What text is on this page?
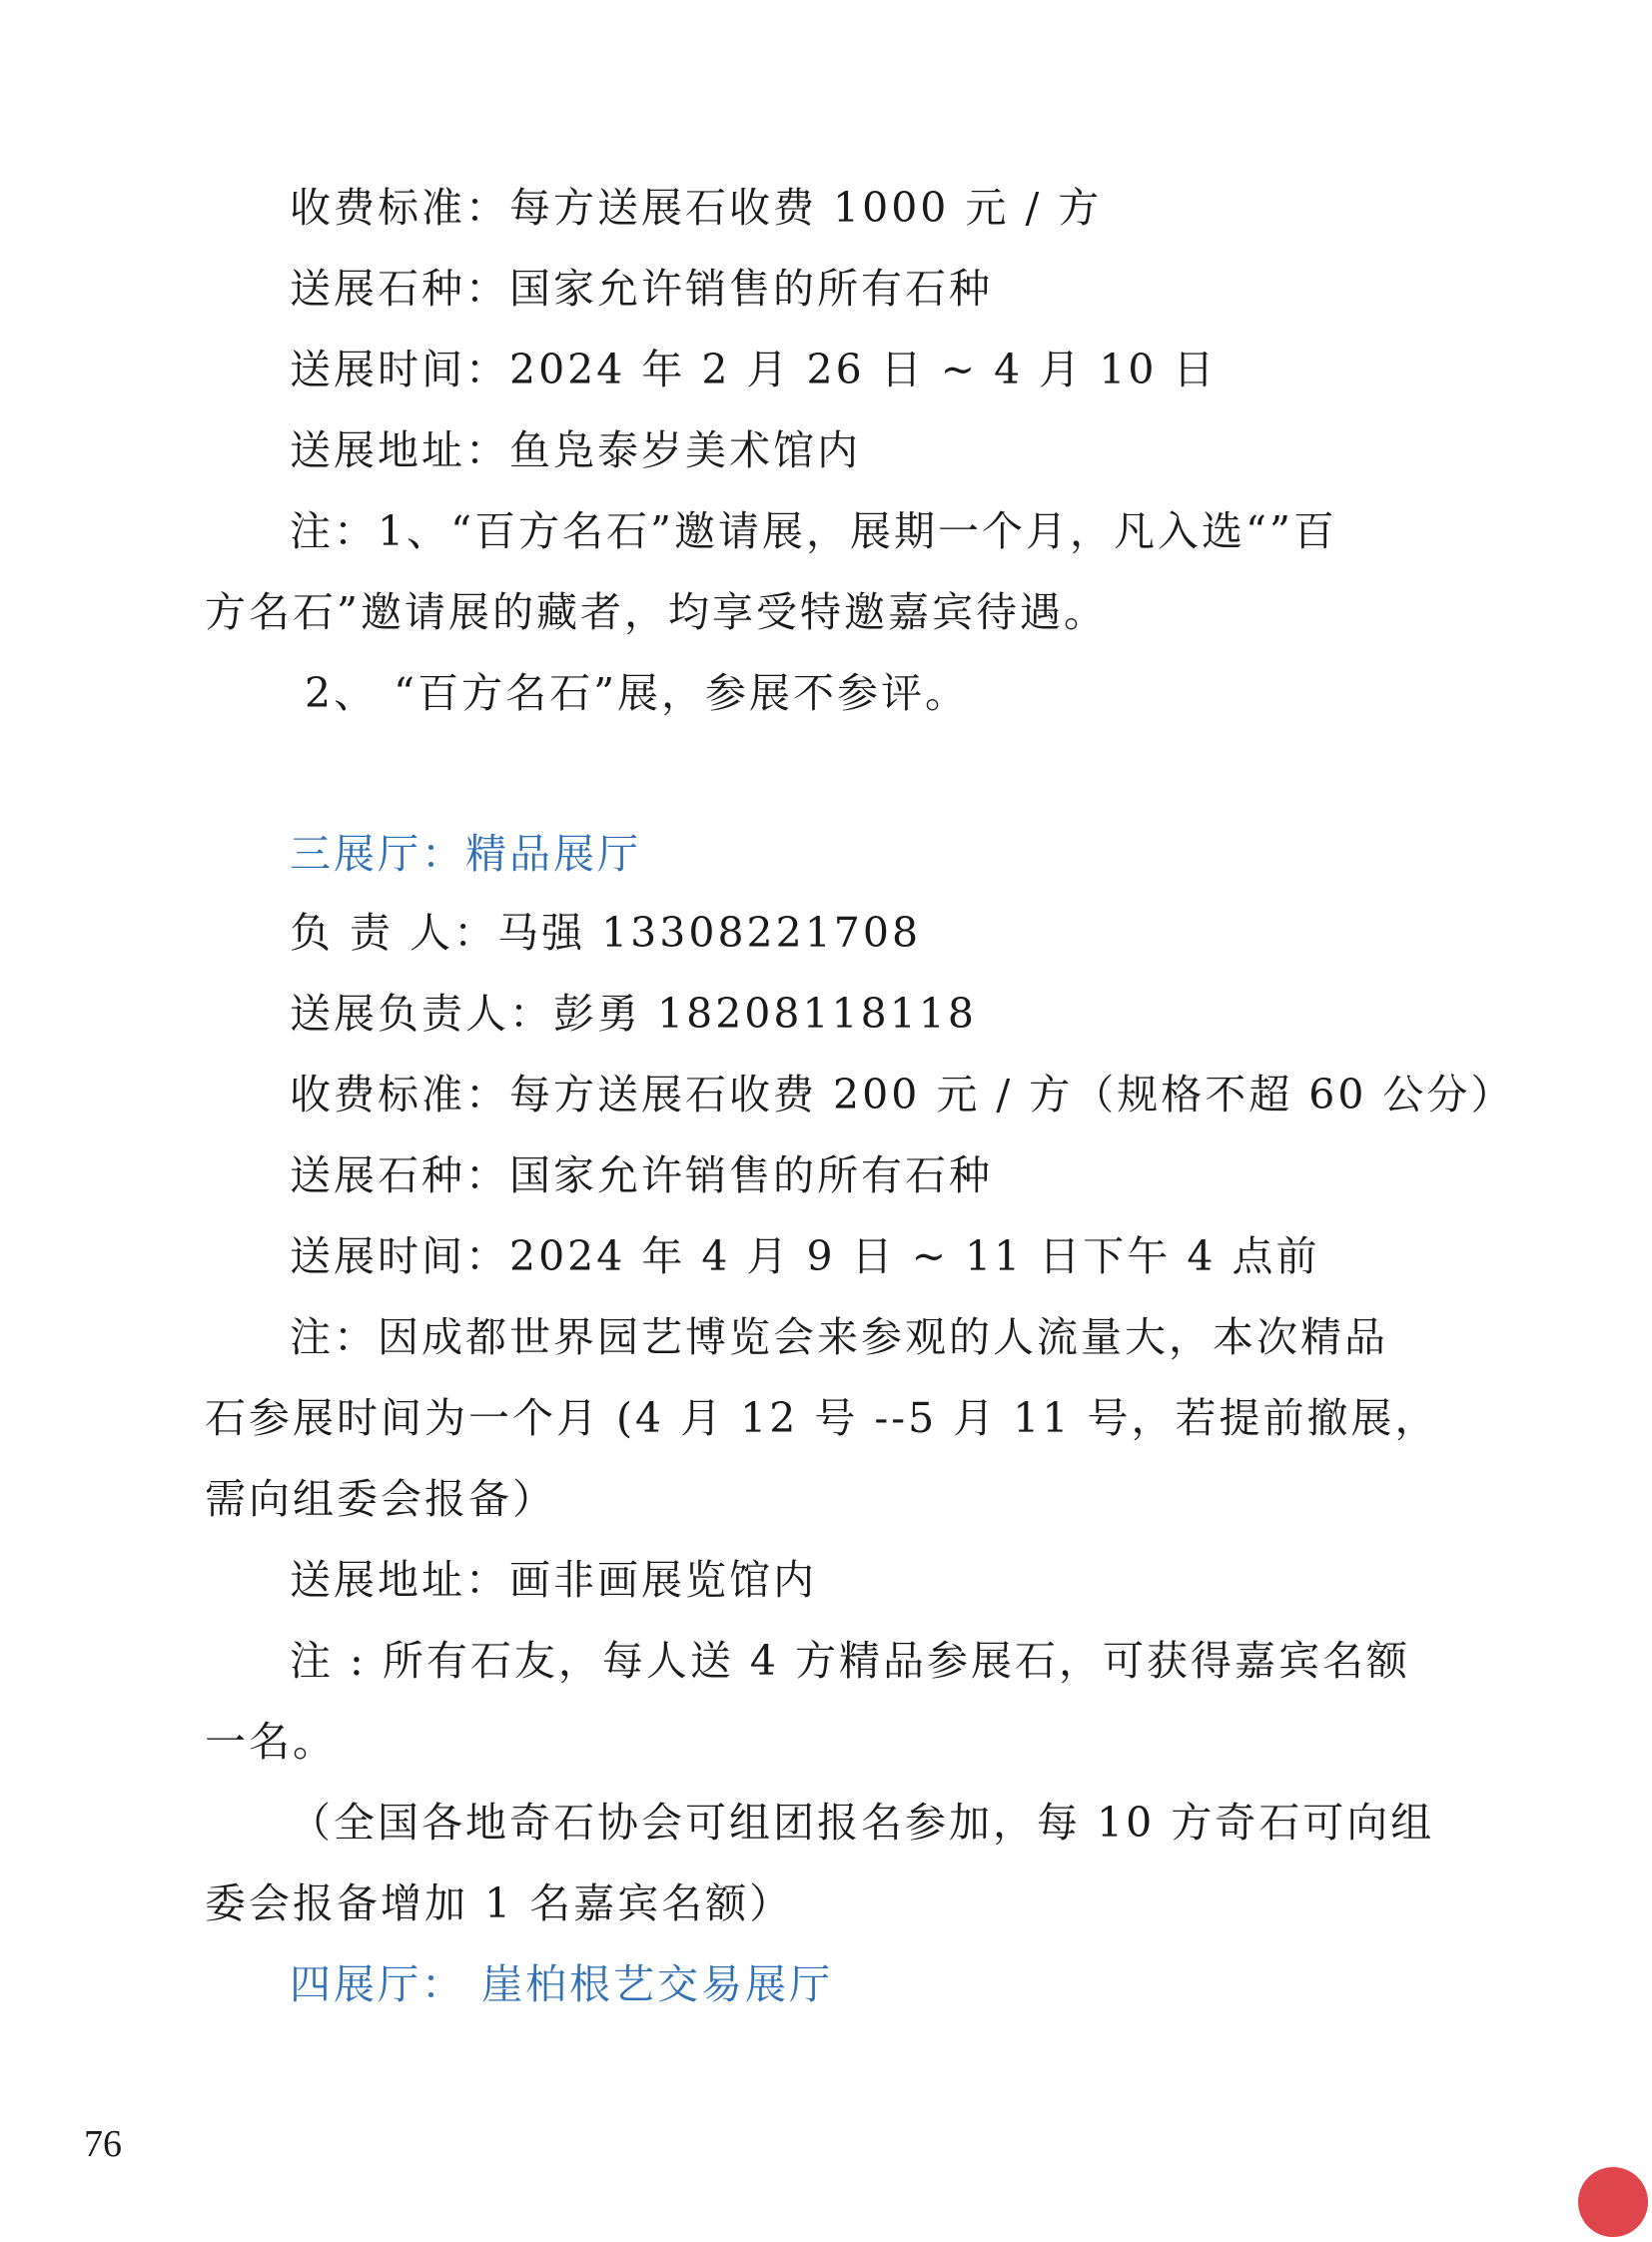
收费标准：每方送展石收费 1000 元 / 方
送展石种：国家允许销售的所有石种
送展时间：2024 年 2 月 26 日 ~ 4 月 10 日
送展地址：鱼凫泰岁美术馆内
注：1、“百方名石”邀请展，展期一个月，凡入选“”百
方名石”邀请展的藏者，均享受特邀嘉宾待遇。
2、 “百方名石”展，参展不参评。
三展厅：精品展厅
负 责 人：马强 13308221708
送展负责人：彭勇 18208118118
收费标准：每方送展石收费 200 元 / 方（规格不超 60 公分）
送展石种：国家允许销售的所有石种
送展时间：2024 年 4 月 9 日 ~ 11 日下午 4 点前
注：因成都世界园艺博览会来参观的人流量大，本次精品
石参展时间为一个月 (4 月 12 号 --5 月 11 号，若提前撤展，
需向组委会报备）
送展地址：画非画展览馆内
注 : 所有石友，每人送 4 方精品参展石，可获得嘉宾名额
一名。
（全国各地奇石协会可组团报名参加，每 10 方奇石可向组
委会报备增加 1 名嘉宾名额）
四展厅： 崖柏根艺交易展厅
76
